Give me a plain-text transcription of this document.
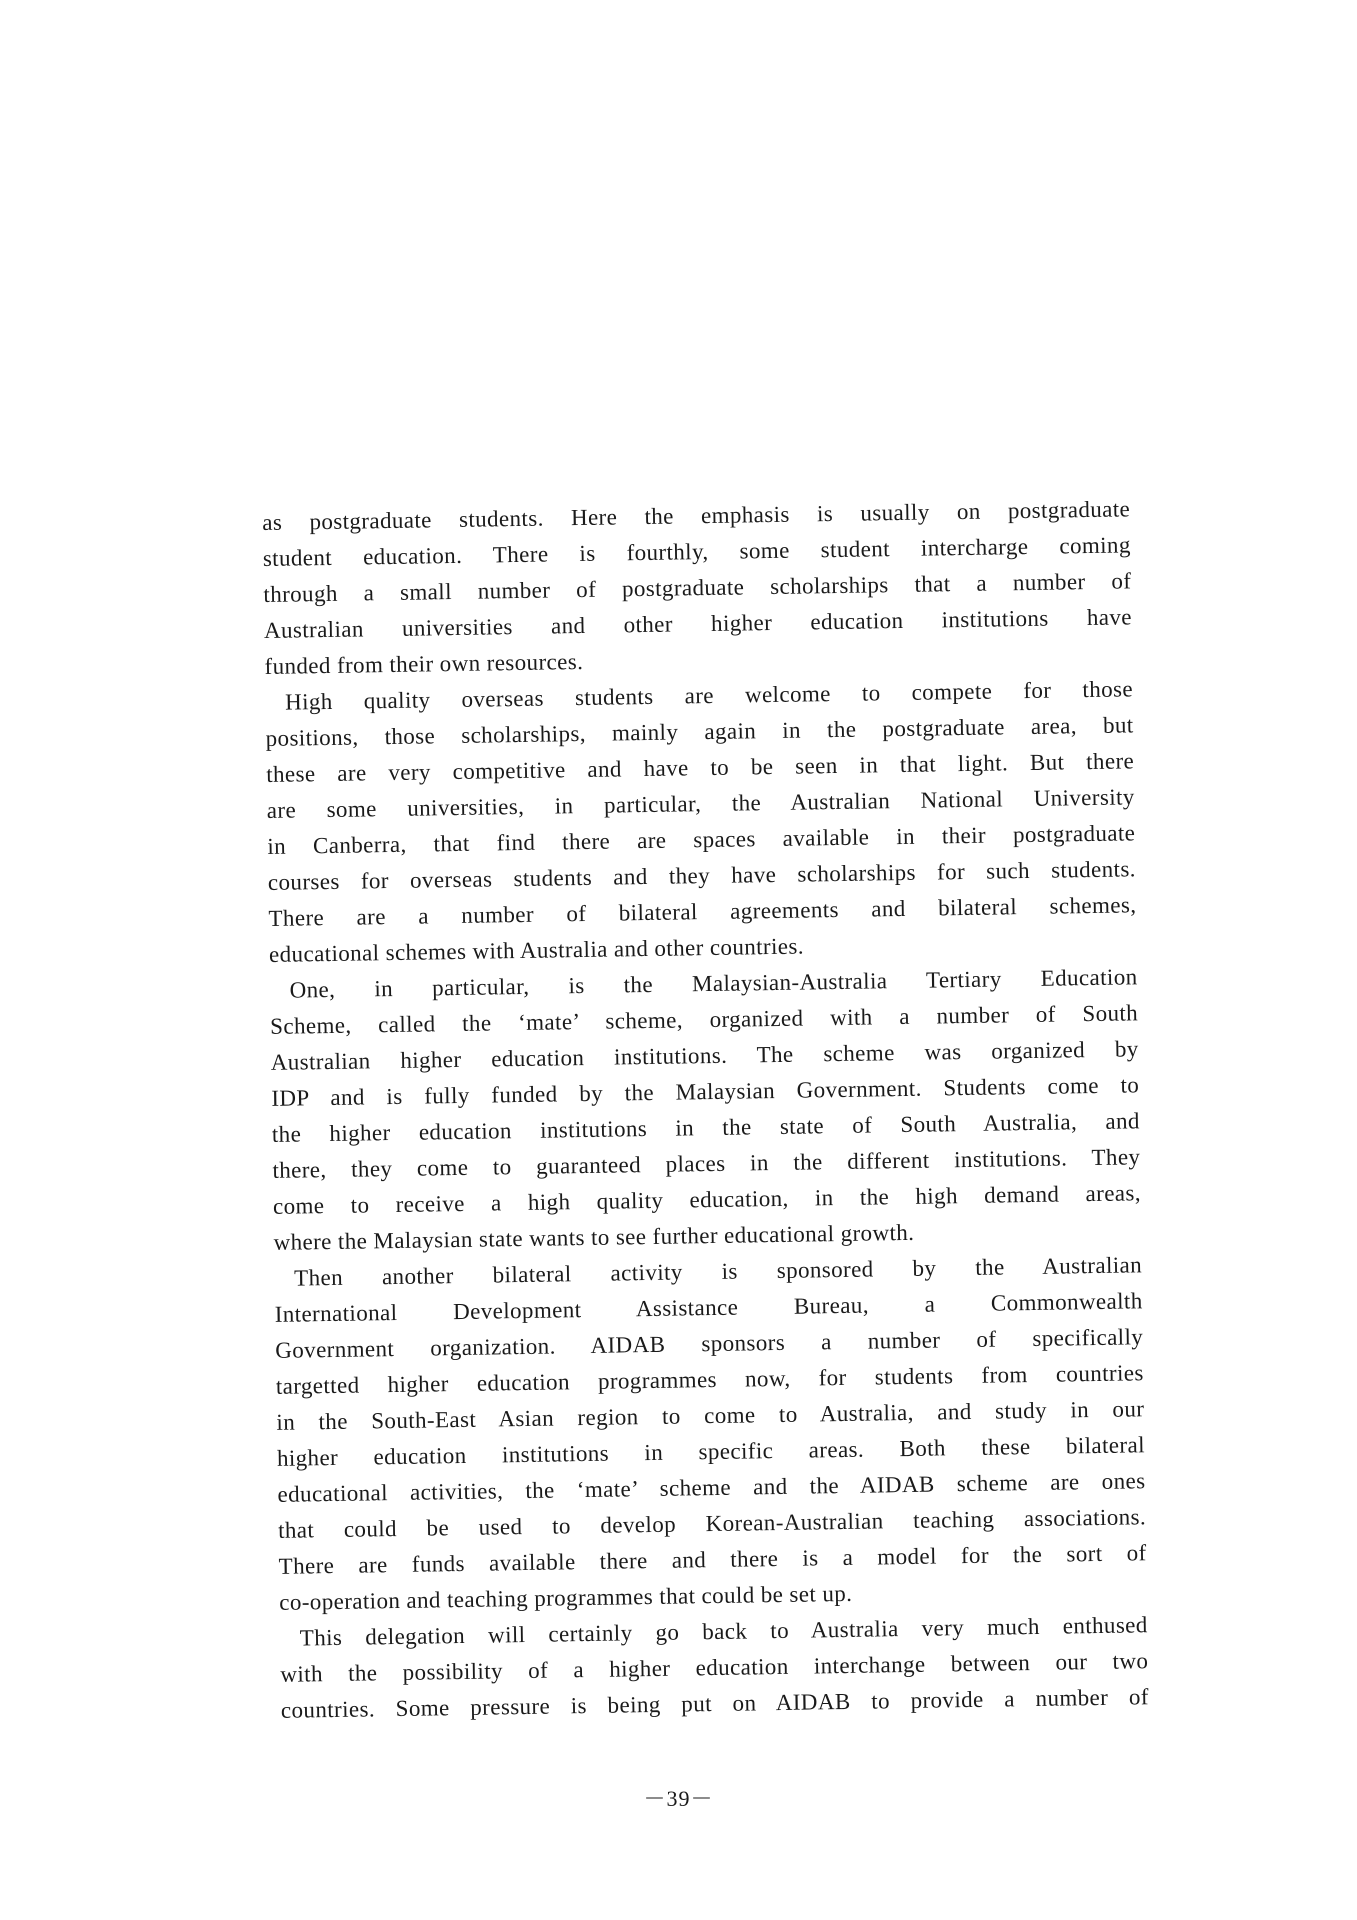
as postgraduate students. Here the emphasis is usually on postgraduate
student education. There is fourthly, some student intercharge coming
through a small number of postgraduate scholarships that a number of
Australian universities and other higher education institutions have
funded from their own resources.
High quality overseas students are welcome to compete for those
positions, those scholarships, mainly again in the postgraduate area, but
these are very competitive and have to be seen in that light. But there
are some universities, in particular, the Australian National University
in Canberra, that find there are spaces available in their postgraduate
courses for overseas students and they have scholarships for such students.
There are a number of bilateral agreements and bilateral schemes,
educational schemes with Australia and other countries.
One, in particular, is the Malaysian-Australia Tertiary Education
Scheme, called the ‘mate’ scheme, organized with a number of South
Australian higher education institutions. The scheme was organized by
IDP and is fully funded by the Malaysian Government. Students come to
the higher education institutions in the state of South Australia, and
there, they come to guaranteed places in the different institutions. They
come to receive a high quality education, in the high demand areas,
where the Malaysian state wants to see further educational growth.
Then another bilateral activity is sponsored by the Australian
International Development Assistance Bureau, a Commonwealth
Government organization. AIDAB sponsors a number of specifically
targetted higher education programmes now, for students from countries
in the South-East Asian region to come to Australia, and study in our
higher education institutions in specific areas. Both these bilateral
educational activities, the ‘mate’ scheme and the AIDAB scheme are ones
that could be used to develop Korean-Australian teaching associations.
There are funds available there and there is a model for the sort of
co-operation and teaching programmes that could be set up.
This delegation will certainly go back to Australia very much enthused
with the possibility of a higher education interchange between our two
countries. Some pressure is being put on AIDAB to provide a number of
－39－
